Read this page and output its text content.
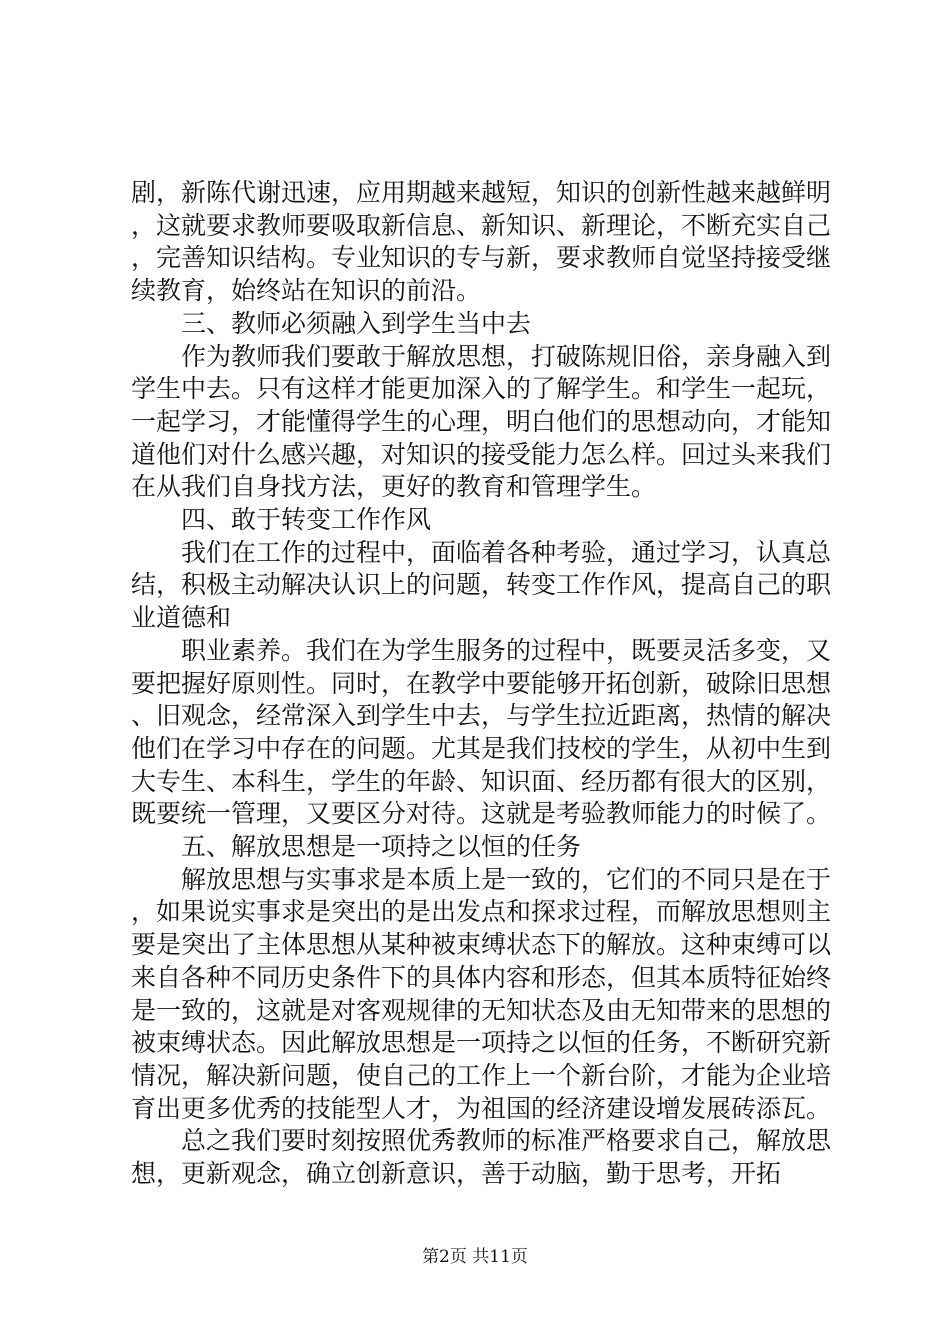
剧，新陈代谢迅速，应用期越来越短，知识的创新性越来越鲜明，这就要求教师要吸取新信息、新知识、新理论，不断充实自己，完善知识结构。专业知识的专与新，要求教师自觉坚持接受继续教育，始终站在知识的前沿。

三、教师必须融入到学生当中去

作为教师我们要敢于解放思想，打破陈规旧俗，亲身融入到学生中去。只有这样才能更加深入的了解学生。和学生一起玩，一起学习，才能懂得学生的心理，明白他们的思想动向，才能知道他们对什么感兴趣，对知识的接受能力怎么样。回过头来我们在从我们自身找方法，更好的教育和管理学生。

四、敢于转变工作作风

我们在工作的过程中，面临着各种考验，通过学习，认真总结，积极主动解决认识上的问题，转变工作作风，提高自己的职业道德和

职业素养。我们在为学生服务的过程中，既要灵活多变，又要把握好原则性。同时，在教学中要能够开拓创新，破除旧思想、旧观念，经常深入到学生中去，与学生拉近距离，热情的解决他们在学习中存在的问题。尤其是我们技校的学生，从初中生到大专生、本科生，学生的年龄、知识面、经历都有很大的区别，既要统一管理，又要区分对待。这就是考验教师能力的时候了。

五、解放思想是一项持之以恒的任务

解放思想与实事求是本质上是一致的，它们的不同只是在于，如果说实事求是突出的是出发点和探求过程，而解放思想则主要是突出了主体思想从某种被束缚状态下的解放。这种束缚可以来自各种不同历史条件下的具体内容和形态，但其本质特征始终是一致的，这就是对客观规律的无知状态及由无知带来的思想的被束缚状态。因此解放思想是一项持之以恒的任务，不断研究新情况，解决新问题，使自己的工作上一个新台阶，才能为企业培育出更多优秀的技能型人才，为祖国的经济建设增发展砖添瓦。

总之我们要时刻按照优秀教师的标准严格要求自己，解放思想，更新观念，确立创新意识，善于动脑，勤于思考，开拓

第2页 共11页
